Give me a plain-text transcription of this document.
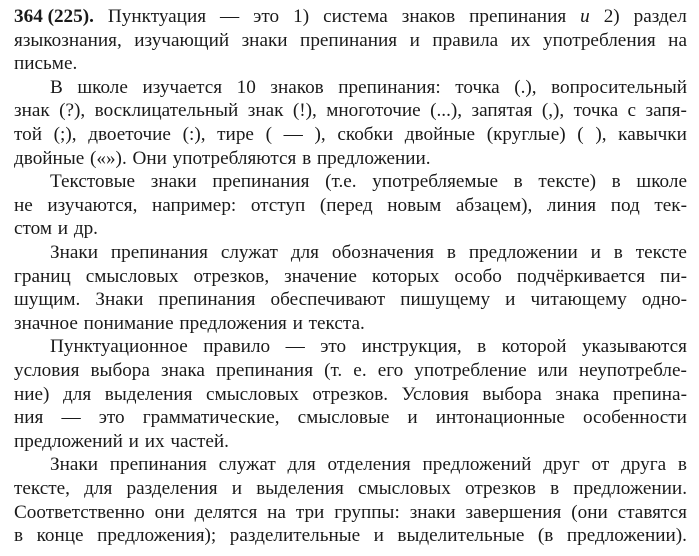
364 (225). Пунктуация — это 1) система знаков препинания и 2) раздел
языкознания, изучающий знаки препинания и правила их употребления на
письме.
В школе изучается 10 знаков препинания: точка (.), вопросительный
знак (?), восклицательный знак (!), многоточие (...), запятая (,), точка с запя-
той (;), двоеточие (:), тире ( — ), скобки двойные (круглые) ( ), кавычки
двойные («»). Они употребляются в предложении.
Текстовые знаки препинания (т.е. употребляемые в тексте) в школе
не изучаются, например: отступ (перед новым абзацем), линия под тек-
стом и др.
Знаки препинания служат для обозначения в предложении и в тексте
границ смысловых отрезков, значение которых особо подчёркивается пи-
шущим. Знаки препинания обеспечивают пишущему и читающему одно-
значное понимание предложения и текста.
Пунктуационное правило — это инструкция, в которой указываются
условия выбора знака препинания (т. е. его употребление или неупотребле-
ние) для выделения смысловых отрезков. Условия выбора знака препина-
ния — это грамматические, смысловые и интонационные особенности
предложений и их частей.
Знаки препинания служат для отделения предложений друг от друга в
тексте, для разделения и выделения смысловых отрезков в предложении.
Соответственно они делятся на три группы: знаки завершения (они ставятся
в конце предложения); разделительные и выделительные (в предложении).
